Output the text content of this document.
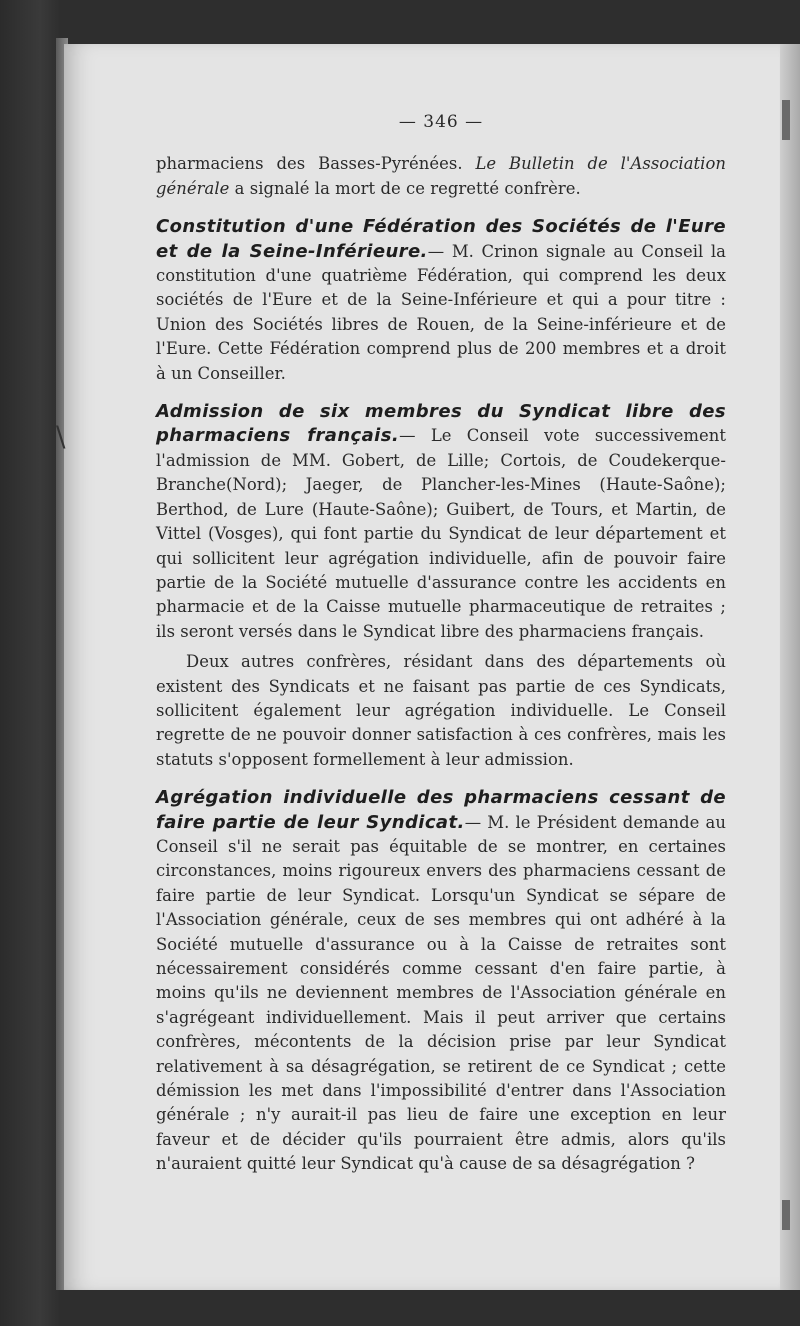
\
— 346 —

pharmaciens des Basses-Pyrénées. Le Bulletin de l'Association générale a signalé la mort de ce regretté confrère.

Constitution d'une Fédération des Sociétés de l'Eure et de la Seine-Inférieure.— M. Crinon signale au Conseil la constitution d'une quatrième Fédération, qui comprend les deux sociétés de l'Eure et de la Seine-Inférieure et qui a pour titre : Union des Sociétés libres de Rouen, de la Seine-inférieure et de l'Eure. Cette Fédération comprend plus de 200 membres et a droit à un Conseiller.

Admission de six membres du Syndicat libre des pharmaciens français.— Le Conseil vote successivement l'admission de MM. Gobert, de Lille; Cortois, de Coudekerque-Branche(Nord); Jaeger, de Plancher-les-Mines (Haute-Saône); Berthod, de Lure (Haute-Saône); Guibert, de Tours, et Martin, de Vittel (Vosges), qui font partie du Syndicat de leur département et qui sollicitent leur agrégation individuelle, afin de pouvoir faire partie de la Société mutuelle d'assurance contre les accidents en pharmacie et de la Caisse mutuelle pharmaceutique de retraites ; ils seront versés dans le Syndicat libre des pharmaciens français.

Deux autres confrères, résidant dans des départements où existent des Syndicats et ne faisant pas partie de ces Syndicats, sollicitent également leur agrégation individuelle. Le Conseil regrette de ne pouvoir donner satisfaction à ces confrères, mais les statuts s'opposent formellement à leur admission.

Agrégation individuelle des pharmaciens cessant de faire partie de leur Syndicat.— M. le Président demande au Conseil s'il ne serait pas équitable de se montrer, en certaines circonstances, moins rigoureux envers des pharmaciens cessant de faire partie de leur Syndicat. Lorsqu'un Syndicat se sépare de l'Association générale, ceux de ses membres qui ont adhéré à la Société mutuelle d'assurance ou à la Caisse de retraites sont nécessairement considérés comme cessant d'en faire partie, à moins qu'ils ne deviennent membres de l'Association générale en s'agrégeant individuellement. Mais il peut arriver que certains confrères, mécontents de la décision prise par leur Syndicat relativement à sa désagrégation, se retirent de ce Syndicat ; cette démission les met dans l'impossibilité d'entrer dans l'Association générale ; n'y aurait-il pas lieu de faire une exception en leur faveur et de décider qu'ils pourraient être admis, alors qu'ils n'auraient quitté leur Syndicat qu'à cause de sa désagrégation ?
